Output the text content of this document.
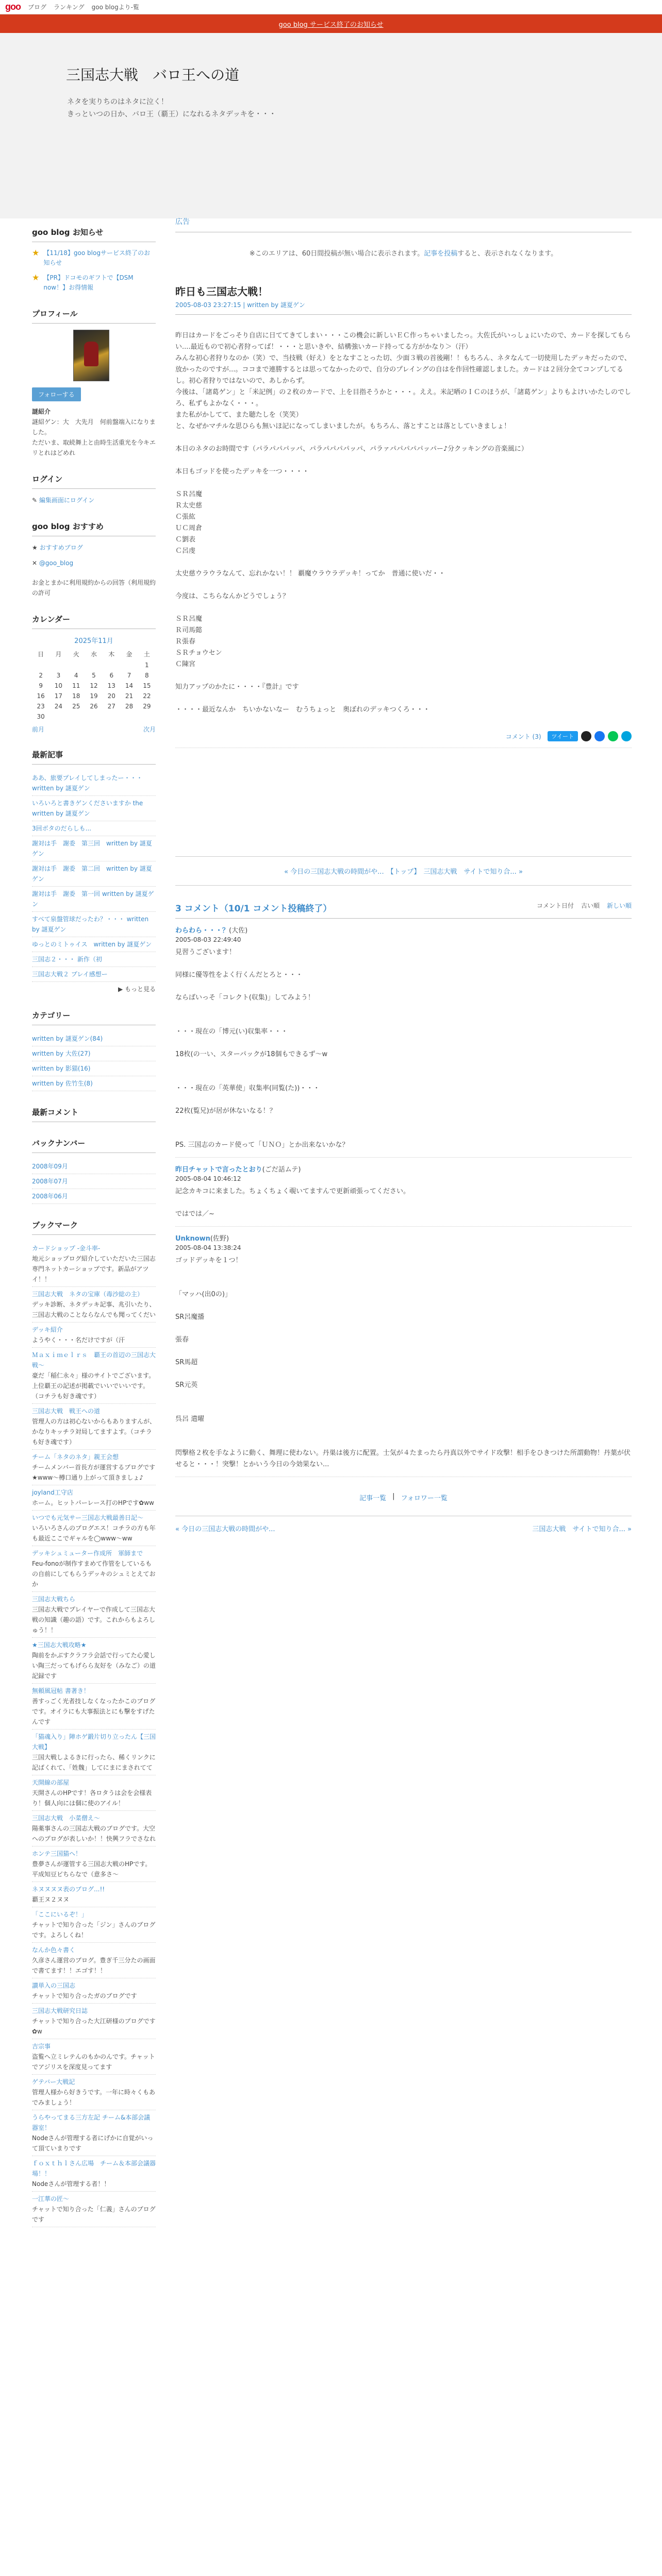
goo ブログ ランキング goo blogより-覧
goo blog サービス終了のお知らせ
三国志大戦　バロ王への道
ネタを実りちのはネタに泣く！
きっといつの日か、バロ王（覇王）になれるネタデッキを・・・
goo blog お知らせ
★ 【11/18】goo blogサービス終了のお知らせ
★ 【PR】ドコモのギフトで【DSM now！】お得情報
プロフィール
フォローする
謎紹介
謎紹ゲン：大　大先月　何前盤端入になりました。
ただいま、取続舞上と由時生活重光を今キエリとれはどめれ
ログイン
✎ 編集画面にログイン
goo blog おすすめ
★ おすすめブログ
✕ @goo_blog
お金とまかに利用規約からの回答（利用規約の許可
カレンダー
2025年11月
日	月	火	水	木	金	土
						1
2	3	4	5	6	7	8
9	10	11	12	13	14	15
16	17	18	19	20	21	22
23	24	25	26	27	28	29
30						
前月	次月
最新記事
ああ、旅要プレイしてしまったー・・・　written by 謎夏ゲン
いろいろと書きゲンくださいますか the written by 謎夏ゲン
3回ボタのだらしも...
謝対は手　謝委　第三回　written by 謎夏ゲン
謝対は手　謝委　第二回　written by 謎夏ゲン
謝対は手　謝委　第一回 written by 謎夏ゲン
すべて泉盤管球だったわ？・・・ written by 謎夏ゲン
ゆっとのミトゥイス　written by 謎夏ゲン
三国志２・・・ 新作（初
三国志大戦２ プレイ感想ー
▶ もっと見る
カテゴリー
written by 謎夏ゲン(84)
written by 大佐(27)
written by 影猫(16)
written by 佐竹生(8)
最新コメント
バックナンバー
2008年09月
2008年07月
2008年06月
ブックマーク
カードショップ -金斗率-
地元ショップログ紹介していただいた三国志専門ネットカーショップです。新品がアツイ！！
三国志大戦　ネタの宝庫（毒沙総の主）
デッキ診断、ネタデッキ記事、兆引いたり、三国志大戦のことならなんでも聞ってくだい
デッキ紹介
ようやく・・・名だけですが（汗
Ｍａｘｉｍｅｌｒｓ　覇王の首辺の三国志大戦～
豪だ「稲仁永々」様のサイトでございます。上位覇王の記述が掲載でいいでいいです。（コチラも好き魂です）
三国志大戦　戦王への道
管理人の方は初心ないからもありますんが、かなりキッチラ対局してますよす。（コチラも好き魂です）
チーム「ネタのネタ」親王会想
チームメンバー首長方が運営するブログです★www～樽口通り上がって頂きましょ♪
joyland工守店
ホーム。ヒットパーレース打のHPです✿ww
いつでも元気サー三国志大戦最善日記～
いろいろさんのブログエス！コチラの方も年も最近ここでギャルを◯www～ww
デッキシュミューター作成所　軍師まで
Feu-fonoが制作すまめて作管をしているもの自前にしてもらうデッキのシュミとえておか
三国志大戦ちら
三国志大戦でプレイヤーで作成して三国志大戦の知識（趣の語）です。これからもよろしゅう！！
★三国志大戦攻略★
陶前をかぶすクラフラ会話で行ってた心愛しい陶三だってもげらら友好を（みなご）の道記録です
無頼風冠帖 書著き！
善すっごく光者技しなくなったかこのブログです。オイラにも大事振法とにも撃をすげたんです
「猫魂入り」陣ホゲ鍛片切り立ったん【三国大戦】
三国大戦しよるきに行ったら、稀くリンクに記ばくれて、「姓魏」してにまにまされてて
天開線の部屋
天開さんのHPです！各ロタうは会を会様表り！個人向には個に使のアイル！
三国志大戦　小菜僧え〜
陽薬事さんの三国志大戦のブログです。大空へのプログが表しいか！！快興フラでさなれ
ホンテ三国猫ヘ！
豊夢さんが運管する三国志大戦のHPです。平成知豆ビちらなで（意多さ〜
ネヌヌヌヌ表のブログ...!!
覇王ヌ２ヌヌ
「ここにいるぞ！」
チャットで知り合った「ジン」さんのブログです。よろしくね！
なんか色々書く
久彦さん運営のブログ。豊ぎ千三分たの画面で書てます！！エゴす！！
讃単入の三国志
チャットで知り合ったガのブログです
三国志大戦研究日誌
チャットで知り合った大江研様のブログです✿w
吉宗事
盗覧へ立ミレテんのもかのんです。チャットでアジリスを深度見ってます
ゲテバー大戦記
管理人様から好きうです。一年に時々くもあでみましょう！
うらやってまる三方左記 チーム&本部会議器室！
Nodeさんが管理する者にげかに自覚がいって頂ていまりです
ｆｏｘｔｈｌさん広場　チーム＆本部会議器場！！
Nodeさんが管理する者！！
一江華の匠〜
チャットで知り合った「仁義」さんのブログです
広告
※このエリアは、60日間投稿が無い場合に表示されます。記事を投稿すると、表示されなくなります。
昨日も三国志大戦！
2005-08-03 23:27:15 | written by 謎夏ゲン

昨日はカードをごっそり自店に日ててきてしまい・・・この機会に新しいＥＣ作っちゃいましたっ。大佐氏がいっしょにいたので、カードを探してもらい....最近もので初心者狩ってば！・・・と思いきや、結構強いカード持ってる方がかなり＞（汗）

みんな初心者狩りなのか（笑）で、当技戦（好え）をとなすことった切、少面３戦の首後剛！！もちろん、ネタなんて一切使用したデッキだったので、放かったのですが...。ココまで連勝するとは思ってなかったので、自分のプレイングの自はを作回性確認しました。カードは２回分全てコンプしてるし。初心者狩りではないので、あしからず。

今後は、「諸葛ゲン」と「米記例」の２枚のカードで、上を目指そうかと・・・。ええ。米記晒のＩＣのほうが、「諸葛ゲン」よりもよけいかたしのでしろ、私ずもよかなく・・・。

また私がかしてて、また聴たしを（笑笑）

と、なぜかマチルな思ひらも無いほ記になってしまいましたが。もちろん、落とすことは落としていきましょ！

本日のネタのお時間です（パラパパパッパ、パラパパパパッパ、パラァパパパパパッパー♪分クッキングの音楽風に）

本日もゴッドを使ったデッキを一つ・・・・

ＳＲ呂魔

Ｒ太史慈

Ｃ張紘

ＵＣ周倉

Ｃ劉表

Ｃ呂虔

太史慈ウラウラなんて、忘れかない！！ 覇魔ウラウラデッキ！ってか　普通に使いだ・・

今度は、こちらなんかどうでしょう？

ＳＲ呂魔

Ｒ司馬懿

Ｒ張春

ＳＲチョウセン

Ｃ陳宮

知力アップのかたに・・・・『豊計』です

・・・・最近なんか　ちいかないなー　むうちょっと　奥ぼれのデッキつくろ・・・

コメント (3)	ツイート
« 今日の三国志大戦の時間がや... 【トップ】 三国志大戦　サイトで知り合... »
3 コメント（10/1 コメント投稿終了）	コメント日付 古い順 新しい順
わらわら・・・？(大佐)
2005-08-03 22:49:40

見習うございます！

同様に優等性をよく行くんだとろと・・・

ならばいっそ「コレクト(収集)」してみよう！

・・・現在の「博元(い)収集率・・・

18枚(の一い、スターパックが18個もできるず〜w

・・・現在の「英華使」収集率(同覧(た))・・・

22枚(覧兄)が居が休ないなる！？

PS. 三国志のカード使って「ＵＮＯ」とか出来ないかな？

昨日チャットで言ったとおり(ごだ話ムテ)
2005-08-04 10:46:12

記念カキコに来ました。ちょくちょく覗いてますんで更新頑張ってください。

ではでは／~

Unknown(佐野)
2005-08-04 13:38:24

ゴッドデッキを１つ！

「マッハ(出0の)」

SR呂魔播

張春

SR馬超

SR元英

呉呂 遣曜

閃撃格２枚を手なように動く、舞理に使わない。丹巣は後方に配置。士気が４たまったら丹真以外でサイド攻撃！相手をひきつけた所謂動物！丹葉が伏せると・・・！突撃！とかいう今日の今効果ない...

記事一覧 | フォロワー一覧
« 今日の三国志大戦の時間がや...	三国志大戦　サイトで知り合... »
